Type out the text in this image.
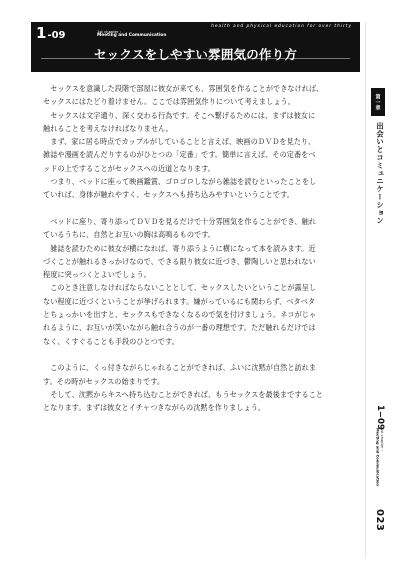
health and physical education for over thirty
1-09	1st chapter :
Meeting and Communication
セックスをしやすい雰囲気の作り方

　セックスを意識した段階で部屋に彼女が来ても、雰囲気を作ることができなければ、

セックスにはたどり着けません。ここでは雰囲気作りについて考えましょう。

　セックスは文字通り、深く交わる行為です。そこへ繋げるためには、まずは彼女に

触れることを考えなければなりません。

　まず、家に居る時点でカップルがしていることと言えば、映画のＤＶＤを見たり、

雑誌や漫画を読んだりするのがひとつの「定番」です。簡単に言えば、その定番をベ

ッドの上ですることがセックスへの近道となります。

　つまり、ベッドに座って映画鑑賞、ゴロゴロしながら雑誌を読むといったことをし

ていれば、身体が触れやすく、セックスへも持ち込みやすいということです。

　ベッドに座り、寄り添ってＤＶＤを見るだけで十分雰囲気を作ることができ、触れ

ているうちに、自然とお互いの胸は高鳴るものです。

　雑誌を読むために彼女が横になれば、寄り添うように横になって本を読みます。近

づくことが触れるきっかけなので、できる限り彼女に近づき、鬱陶しいと思われない

程度に突っつくとよいでしょう。

　このとき注意しなければならないこととして、セックスしたいということが露呈し

ない程度に近づくということが挙げられます。嫌がっているにも関わらず、ベタベタ

とちょっかいを出すと、セックスもできなくなるので気を付けましょう。ネコがじゃ

れるように、お互いが笑いながら触れ合うのが一番の理想です。ただ触れるだけでは

なく、くすぐることも手段のひとつです。

　このように、くっ付きながらじゃれることができれば、ふいに沈黙が自然と訪れま

す。その時がセックスの始まりです。

　そして、沈黙からキスへ持ち込むことができれば、もうセックスを最後まですること

となります。まずは彼女とイチャつきながらの沈黙を作りましょう。

第一章
出会いとコミュニケーション
1−09
1st chapter :
Meeting and Communication
023
